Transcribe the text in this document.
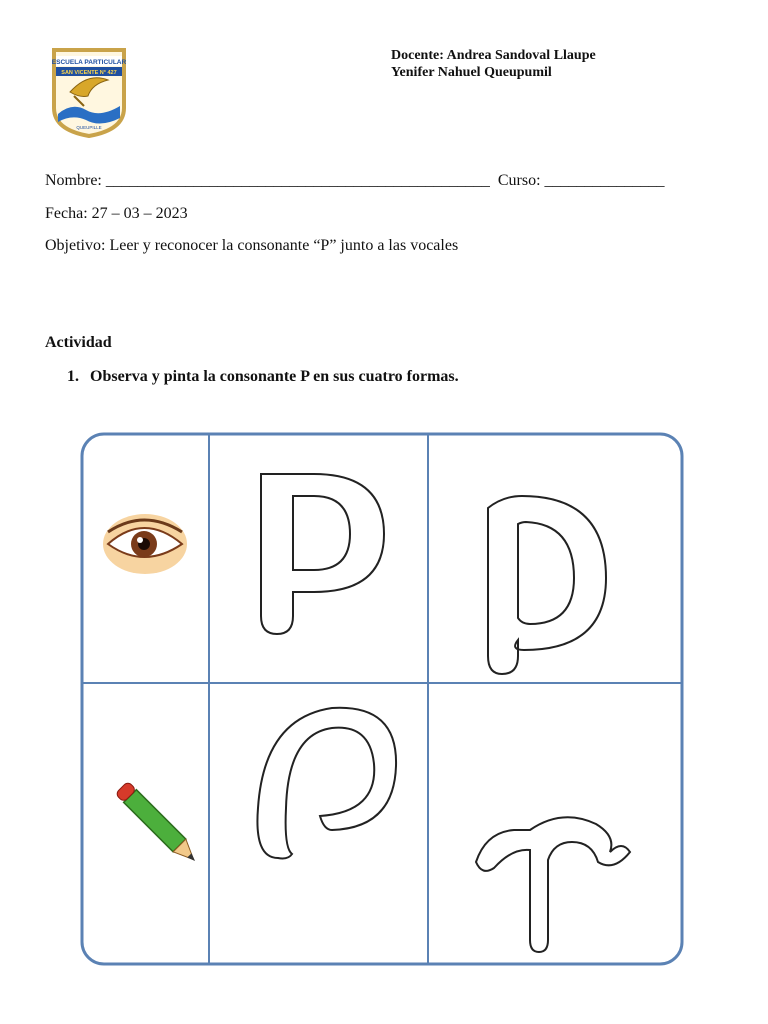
ESCUELA PARTICULAR
SAN VICENTE N° 427
QUEUPILLE
Docente: Andrea Sandoval Llaupe
Yenifer Nahuel Queupumil
Nombre: ________________________________________________ Curso: _______________
Fecha: 27 – 03 – 2023
Objetivo: Leer y reconocer la consonante “P” junto a las vocales
Actividad
1. Observa y pinta la consonante P en sus cuatro formas.
